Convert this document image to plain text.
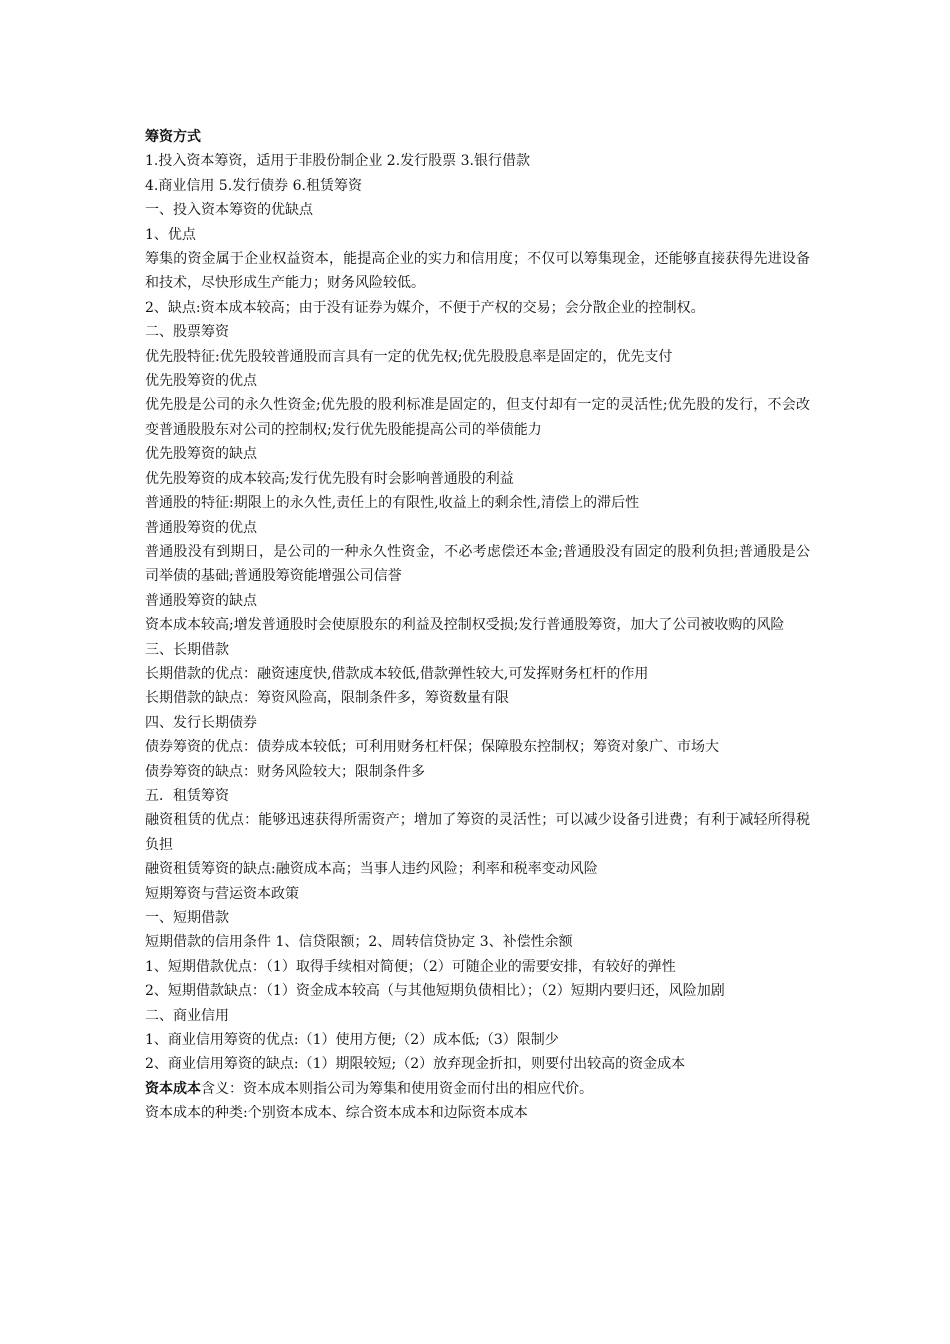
筹资方式

1.投入资本筹资，适用于非股份制企业 2.发行股票 3.银行借款

4.商业信用 5.发行债券 6.租赁筹资

一、投入资本筹资的优缺点

1、优点

筹集的资金属于企业权益资本，能提高企业的实力和信用度；不仅可以筹集现金，还能够直接获得先进设备和技术，尽快形成生产能力；财务风险较低。

2、缺点:资本成本较高；由于没有证券为媒介，不便于产权的交易；会分散企业的控制权。

二、股票筹资

优先股特征:优先股较普通股而言具有一定的优先权;优先股股息率是固定的，优先支付

优先股筹资的优点

优先股是公司的永久性资金;优先股的股利标准是固定的，但支付却有一定的灵活性;优先股的发行，不会改变普通股股东对公司的控制权;发行优先股能提高公司的举债能力

优先股筹资的缺点

优先股筹资的成本较高;发行优先股有时会影响普通股的利益

普通股的特征:期限上的永久性,责任上的有限性,收益上的剩余性,清偿上的滞后性

普通股筹资的优点

普通股没有到期日，是公司的一种永久性资金，不必考虑偿还本金;普通股没有固定的股利负担;普通股是公司举债的基础;普通股筹资能增强公司信誉

普通股筹资的缺点

资本成本较高;增发普通股时会使原股东的利益及控制权受损;发行普通股筹资，加大了公司被收购的风险

三、长期借款

长期借款的优点：融资速度快,借款成本较低,借款弹性较大,可发挥财务杠杆的作用

长期借款的缺点：筹资风险高，限制条件多，筹资数量有限

四、发行长期债券

债券筹资的优点：债券成本较低；可利用财务杠杆保；保障股东控制权；筹资对象广、市场大

债券筹资的缺点：财务风险较大；限制条件多

五．租赁筹资

融资租赁的优点：能够迅速获得所需资产；增加了筹资的灵活性；可以减少设备引进费；有利于减轻所得税负担

融资租赁筹资的缺点:融资成本高；当事人违约风险；利率和税率变动风险

短期筹资与营运资本政策

一、短期借款

短期借款的信用条件 1、信贷限额；2、周转信贷协定 3、补偿性余额

1、短期借款优点：（1）取得手续相对简便；（2）可随企业的需要安排，有较好的弹性

2、短期借款缺点：（1）资金成本较高（与其他短期负债相比）；（2）短期内要归还，风险加剧

二、商业信用

1、商业信用筹资的优点:（1）使用方便;（2）成本低;（3）限制少

2、商业信用筹资的缺点:（1）期限较短;（2）放弃现金折扣，则要付出较高的资金成本

资本成本含义：资本成本则指公司为筹集和使用资金而付出的相应代价。

资本成本的种类:个别资本成本、综合资本成本和边际资本成本
